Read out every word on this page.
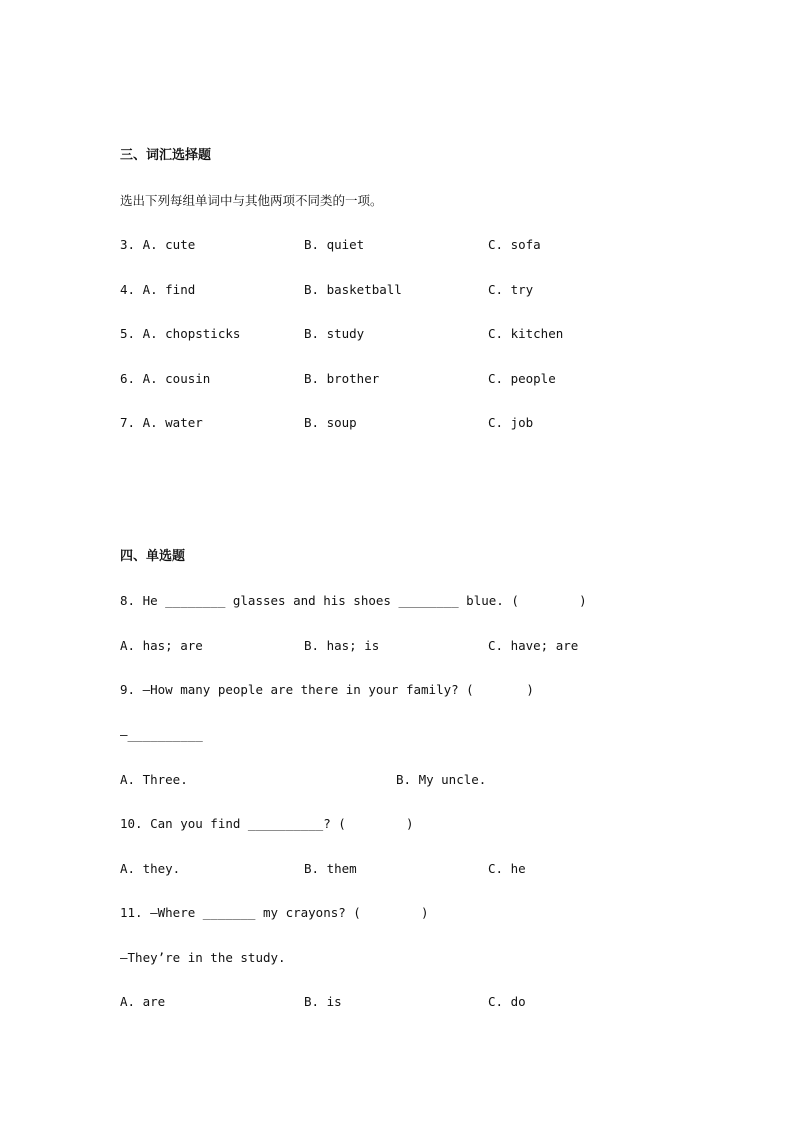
三、词汇选择题
选出下列每组单词中与其他两项不同类的一项。
3. A. cute	B. quiet	C. sofa
4. A. find	B. basketball	C. try
5. A. chopsticks	B. study	C. kitchen
6. A. cousin	B. brother	C. people
7. A. water	B. soup	C. job
四、单选题
8. He ________ glasses and his shoes ________ blue. (        )
A. has; are	B. has; is	C. have; are
9. —How many people are there in your family? (       )
—__________
A. Three.	B. My uncle.
10. Can you find __________? (        )
A. they.	B. them	C. he
11. —Where _______ my crayons? (        )
—They’re in the study.
A. are	B. is	C. do
